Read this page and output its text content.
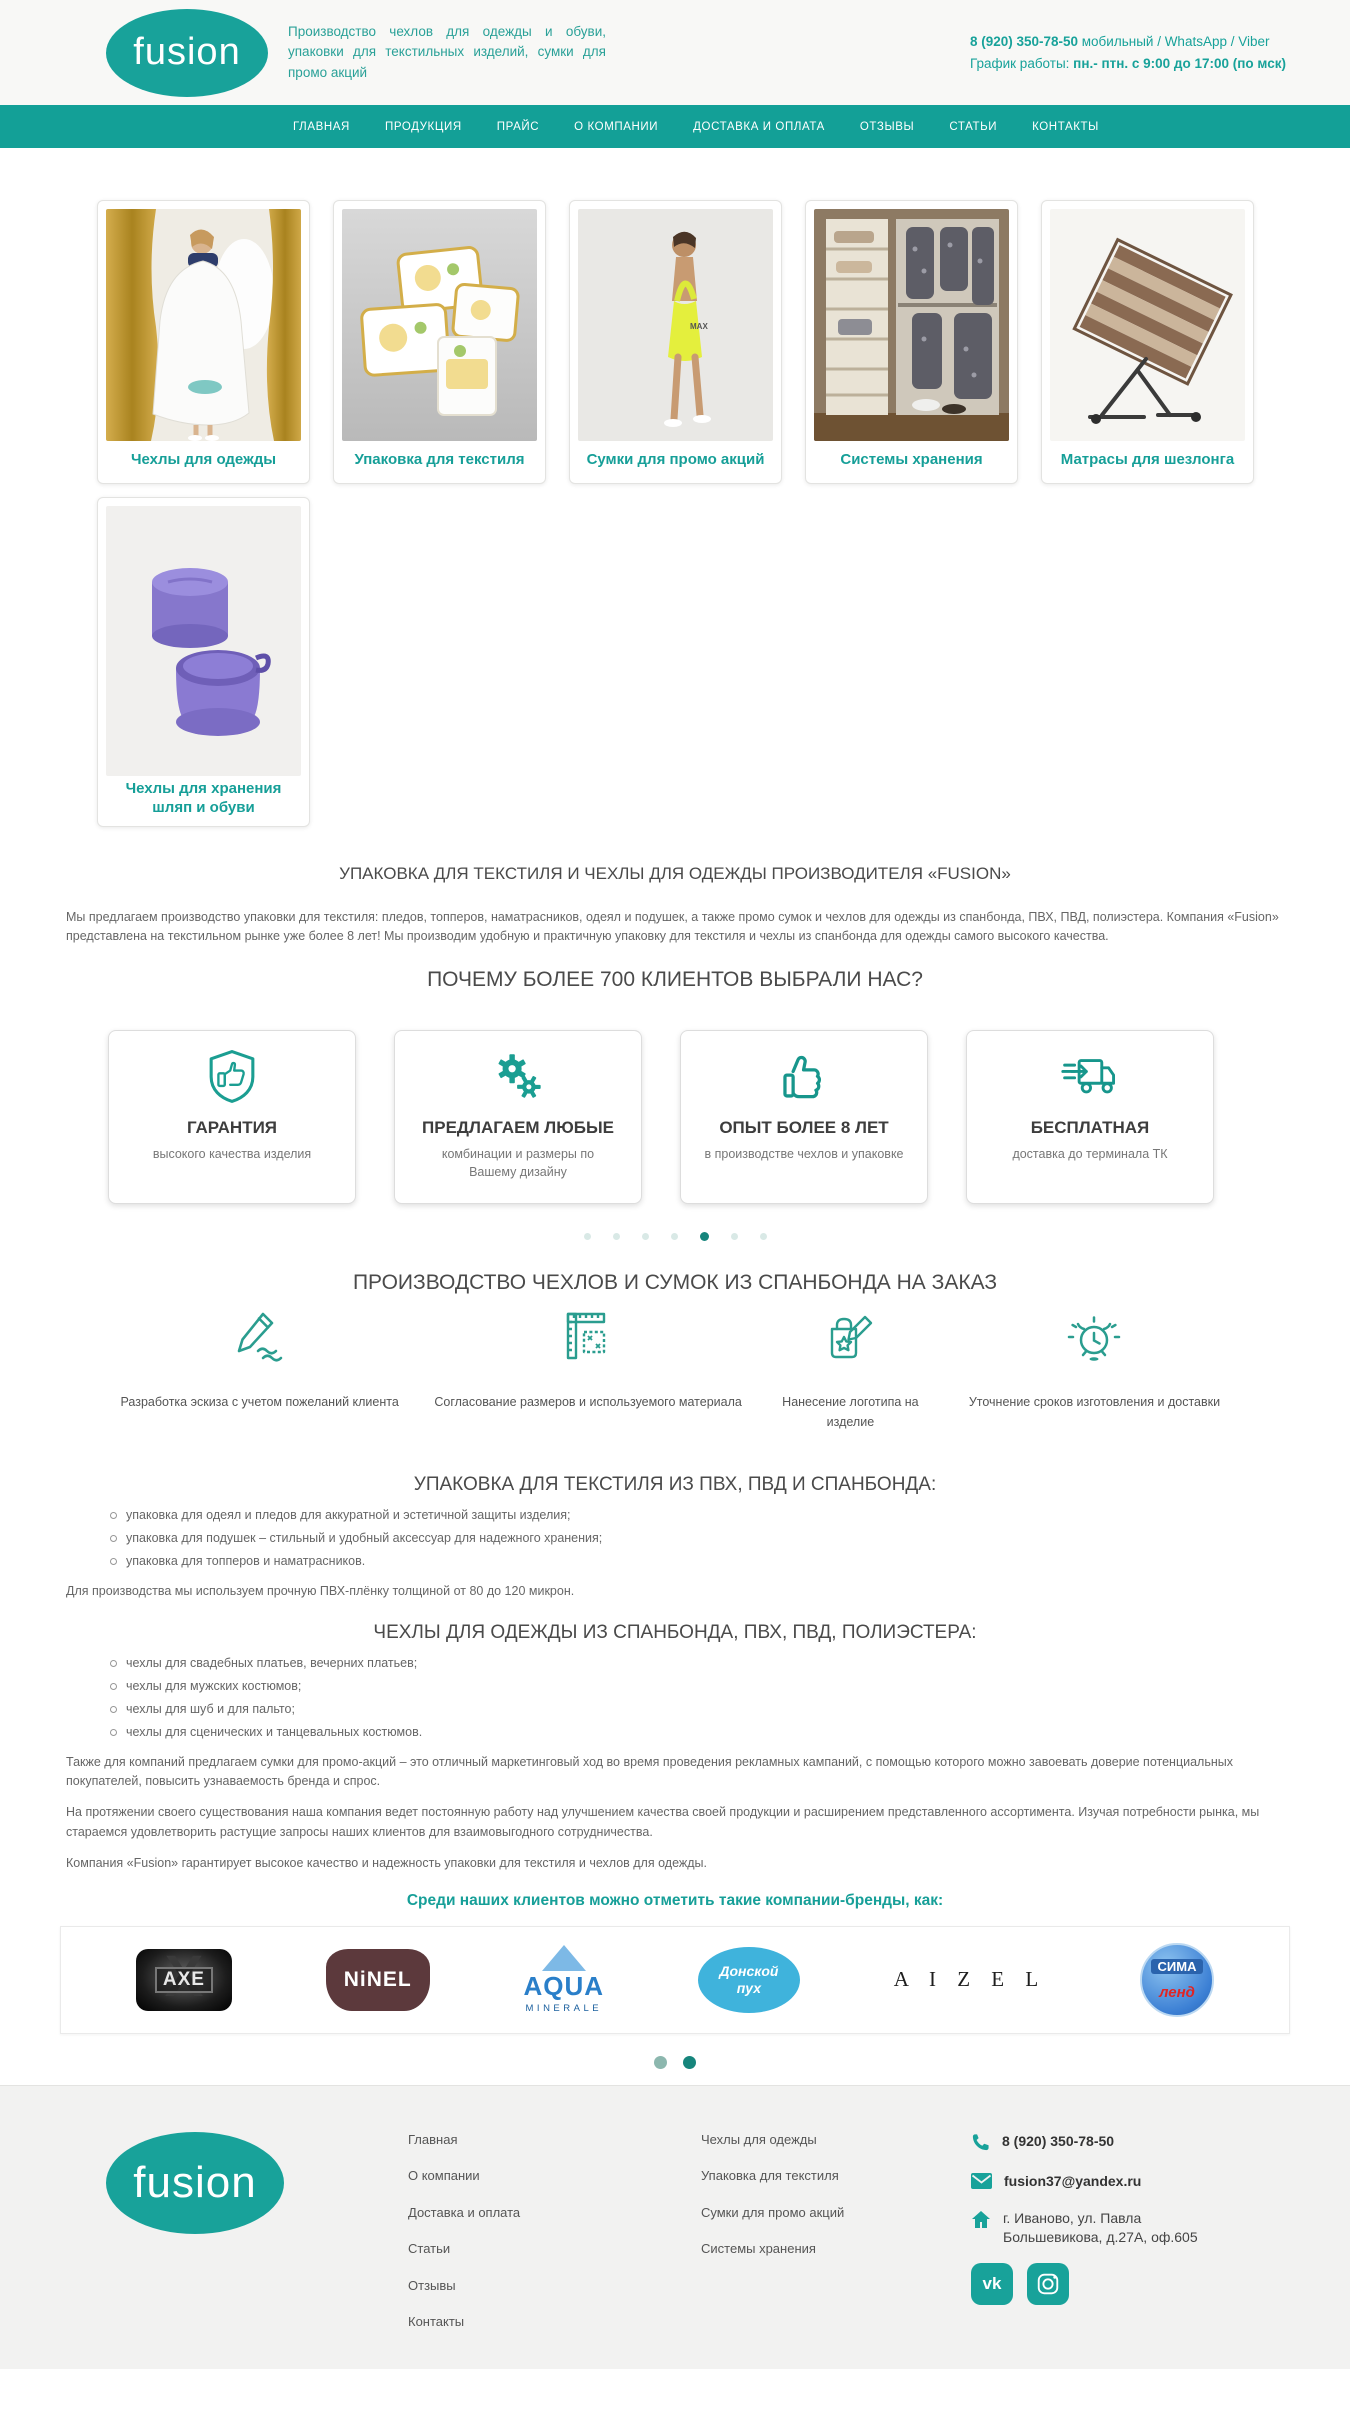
fusion	Производство чехлов для одежды и обуви, упаковки для текстильных изделий, сумки для промо акций
8 (920) 350-78-50 мобильный / WhatsApp / Viber
График работы: пн.- птн. с 9:00 до 17:00 (по мск)
ГЛАВНАЯ	ПРОДУКЦИЯ	ПРАЙС	О КОМПАНИИ	ДОСТАВКА И ОПЛАТА	ОТЗЫВЫ	СТАТЬИ	КОНТАКТЫ
Чехлы для одежды	Упаковка для текстиля
MAX
Сумки для промо акций	Системы хранения	Матрасы для шезлонга
Чехлы для хранения шляп и обуви
УПАКОВКА ДЛЯ ТЕКСТИЛЯ И ЧЕХЛЫ ДЛЯ ОДЕЖДЫ ПРОИЗВОДИТЕЛЯ «FUSION»

Мы предлагаем производство упаковки для текстиля: пледов, топперов, наматрасников, одеял и подушек, а также промо сумок и чехлов для одежды из спанбонда, ПВХ, ПВД, полиэстера. Компания «Fusion» представлена на текстильном рынке уже более 8 лет! Мы производим удобную и практичную упаковку для текстиля и чехлы из спанбонда для одежды самого высокого качества.

ПОЧЕМУ БОЛЕЕ 700 КЛИЕНТОВ ВЫБРАЛИ НАС?
ГАРАНТИЯ
высокого качества изделия
ПРЕДЛАГАЕМ ЛЮБЫЕ
комбинации и размеры по Вашему дизайну
ОПЫТ БОЛЕЕ 8 ЛЕТ
в производстве чехлов и упаковке
БЕСПЛАТНАЯ
доставка до терминала ТК
ПРОИЗВОДСТВО ЧЕХЛОВ И СУМОК ИЗ СПАНБОНДА НА ЗАКАЗ
Разработка эскиза с учетом пожеланий клиента	Согласование размеров и используемого материала	Нанесение логотипа на изделие
Уточнение сроков изготовления и доставки
УПАКОВКА ДЛЯ ТЕКСТИЛЯ ИЗ ПВХ, ПВД И СПАНБОНДА:
упаковка для одеял и пледов для аккуратной и эстетичной защиты изделия;
упаковка для подушек – стильный и удобный аксессуар для надежного хранения;
упаковка для топперов и наматрасников.

Для производства мы используем прочную ПВХ-плёнку толщиной от 80 до 120 микрон.

ЧЕХЛЫ ДЛЯ ОДЕЖДЫ ИЗ СПАНБОНДА, ПВХ, ПВД, ПОЛИЭСТЕРА:
чехлы для свадебных платьев, вечерних платьев;
чехлы для мужских костюмов;
чехлы для шуб и для пальто;
чехлы для сценических и танцевальных костюмов.

Также для компаний предлагаем сумки для промо-акций – это отличный маркетинговый ход во время проведения рекламных кампаний, с помощью которого можно завоевать доверие потенциальных покупателей, повысить узнаваемость бренда и спрос.

На протяжении своего существования наша компания ведет постоянную работу над улучшением качества своей продукции и расширением представленного ассортимента. Изучая потребности рынка, мы стараемся удовлетворить растущие запросы наших клиентов для взаимовыгодного сотрудничества.

Компания «Fusion» гарантирует высокое качество и надежность упаковки для текстиля и чехлов для одежды.

Среди наших клиентов можно отметить такие компании-бренды, как:
X AXE	NiNEL	AQUA
MINERALE
Донской
пух	A I Z E L
СИМА
ленд
fusion
Главная
О компании
Доставка и оплата
Статьи
Отзывы
Контакты
Чехлы для одежды
Упаковка для текстиля
Сумки для промо акций
Системы хранения
8 (920) 350-78-50
fusion37@yandex.ru
г. Иваново, ул. Павла Большевикова, д.27А, оф.605
vk
